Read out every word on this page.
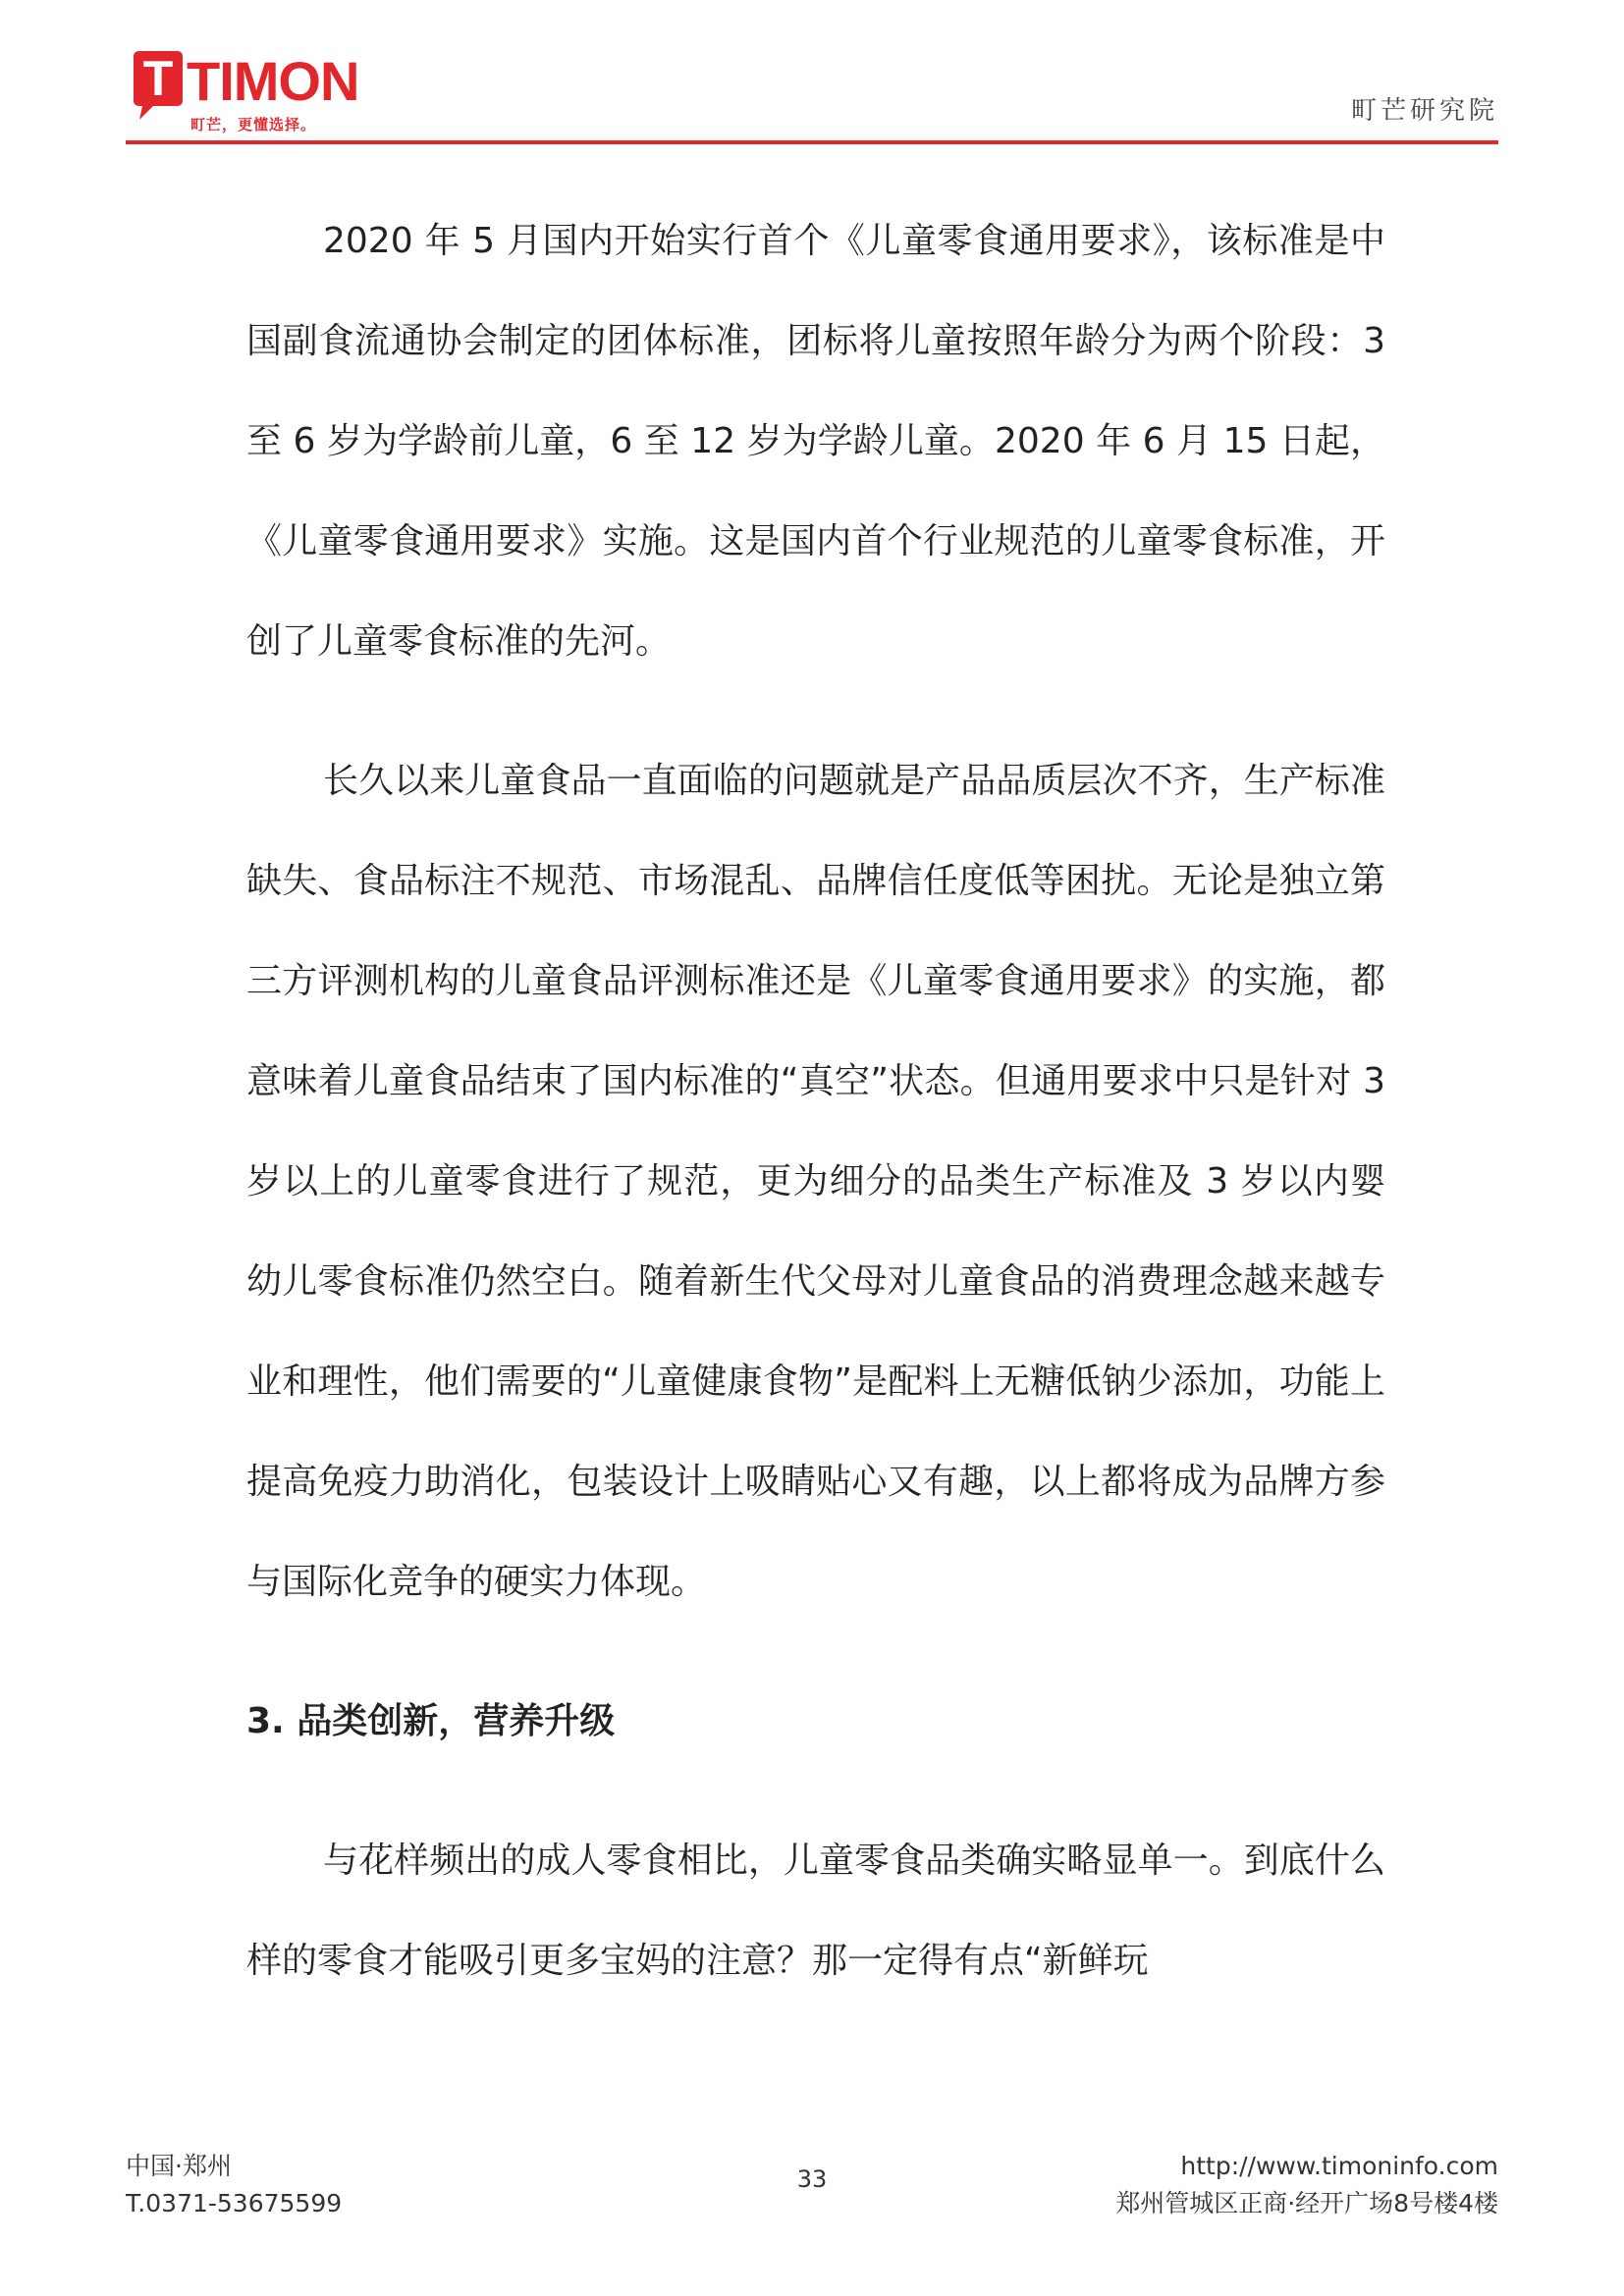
T TIMON
町芒，更懂选择。	町芒研究院

2020 年 5 月国内开始实行首个《儿童零食通用要求》，该标准是中国副食流通协会制定的团体标准，团标将儿童按照年龄分为两个阶段：3 至 6 岁为学龄前儿童，6 至 12 岁为学龄儿童。2020 年 6 月 15 日起，《儿童零食通用要求》实施。这是国内首个行业规范的儿童零食标准，开创了儿童零食标准的先河。

长久以来儿童食品一直面临的问题就是产品品质层次不齐，生产标准缺失、食品标注不规范、市场混乱、品牌信任度低等困扰。无论是独立第三方评测机构的儿童食品评测标准还是《儿童零食通用要求》的实施，都意味着儿童食品结束了国内标准的“真空”状态。但通用要求中只是针对 3 岁以上的儿童零食进行了规范，更为细分的品类生产标准及 3 岁以内婴幼儿零食标准仍然空白。随着新生代父母对儿童食品的消费理念越来越专业和理性，他们需要的“儿童健康食物”是配料上无糖低钠少添加，功能上提高免疫力助消化，包装设计上吸睛贴心又有趣，以上都将成为品牌方参与国际化竞争的硬实力体现。

3. 品类创新，营养升级

与花样频出的成人零食相比，儿童零食品类确实略显单一。到底什么样的零食才能吸引更多宝妈的注意？那一定得有点“新鲜玩

中国·郑州
T.0371-53675599
33	http://www.timoninfo.com
郑州管城区正商·经开广场8号楼4楼
